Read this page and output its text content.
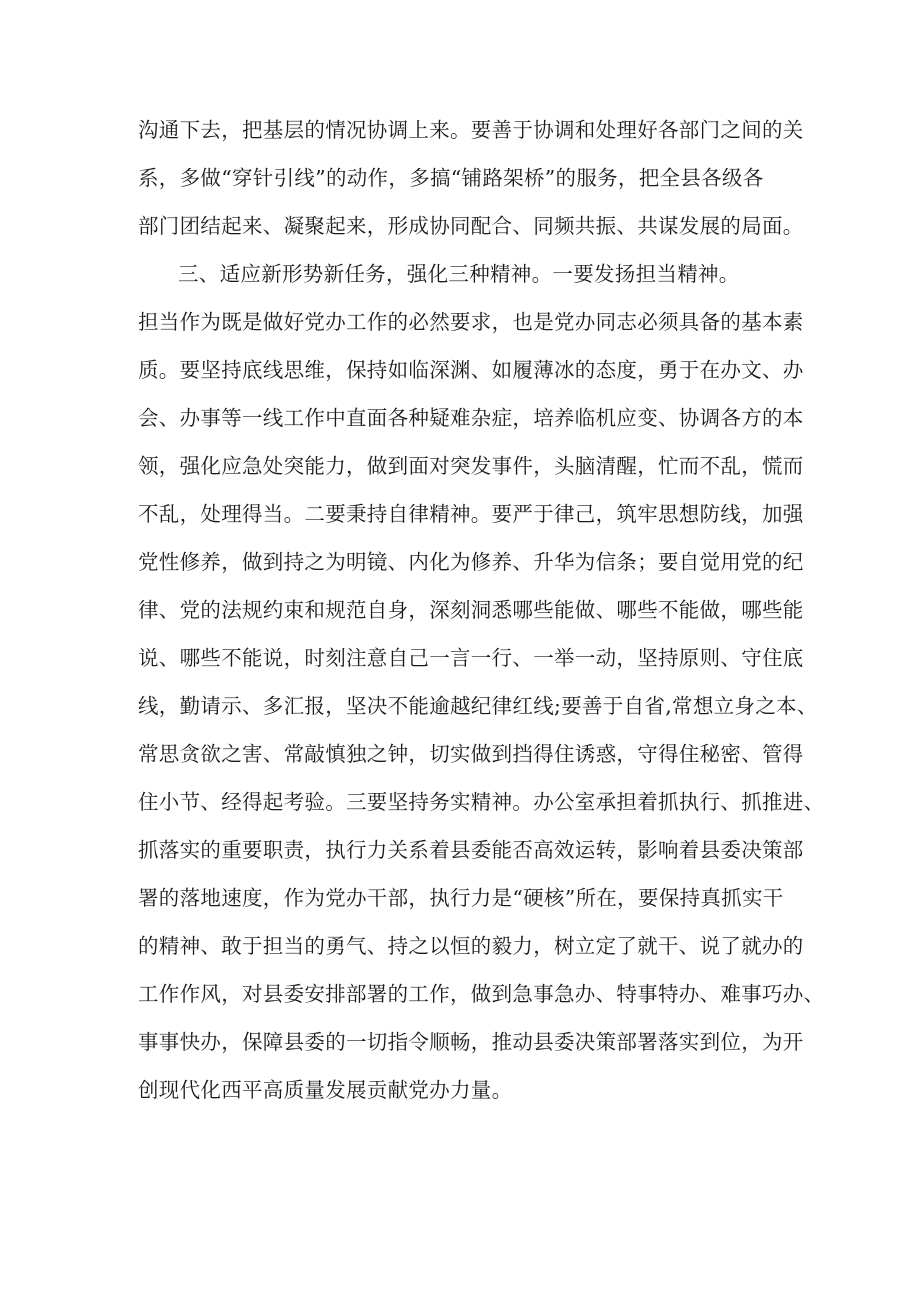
沟通下去，把基层的情况协调上来。要善于协调和处理好各部门之间的关
系，多做“穿针引线”的动作，多搞“铺路架桥”的服务，把全县各级各
部门团结起来、凝聚起来，形成协同配合、同频共振、共谋发展的局面。
三、适应新形势新任务，强化三种精神。一要发扬担当精神。
担当作为既是做好党办工作的必然要求，也是党办同志必须具备的基本素
质。要坚持底线思维，保持如临深渊、如履薄冰的态度，勇于在办文、办
会、办事等一线工作中直面各种疑难杂症，培养临机应变、协调各方的本
领，强化应急处突能力，做到面对突发事件，头脑清醒，忙而不乱，慌而
不乱，处理得当。二要秉持自律精神。要严于律己，筑牢思想防线，加强
党性修养，做到持之为明镜、内化为修养、升华为信条；要自觉用党的纪
律、党的法规约束和规范自身，深刻洞悉哪些能做、哪些不能做，哪些能
说、哪些不能说，时刻注意自己一言一行、一举一动，坚持原则、守住底
线，勤请示、多汇报，坚决不能逾越纪律红线;要善于自省,常想立身之本、
常思贪欲之害、常敲慎独之钟，切实做到挡得住诱惑，守得住秘密、管得
住小节、经得起考验。三要坚持务实精神。办公室承担着抓执行、抓推进、
抓落实的重要职责，执行力关系着县委能否高效运转，影响着县委决策部
署的落地速度，作为党办干部，执行力是“硬核”所在，要保持真抓实干
的精神、敢于担当的勇气、持之以恒的毅力，树立定了就干、说了就办的
工作作风，对县委安排部署的工作，做到急事急办、特事特办、难事巧办、
事事快办，保障县委的一切指令顺畅，推动县委决策部署落实到位，为开
创现代化西平高质量发展贡献党办力量。
